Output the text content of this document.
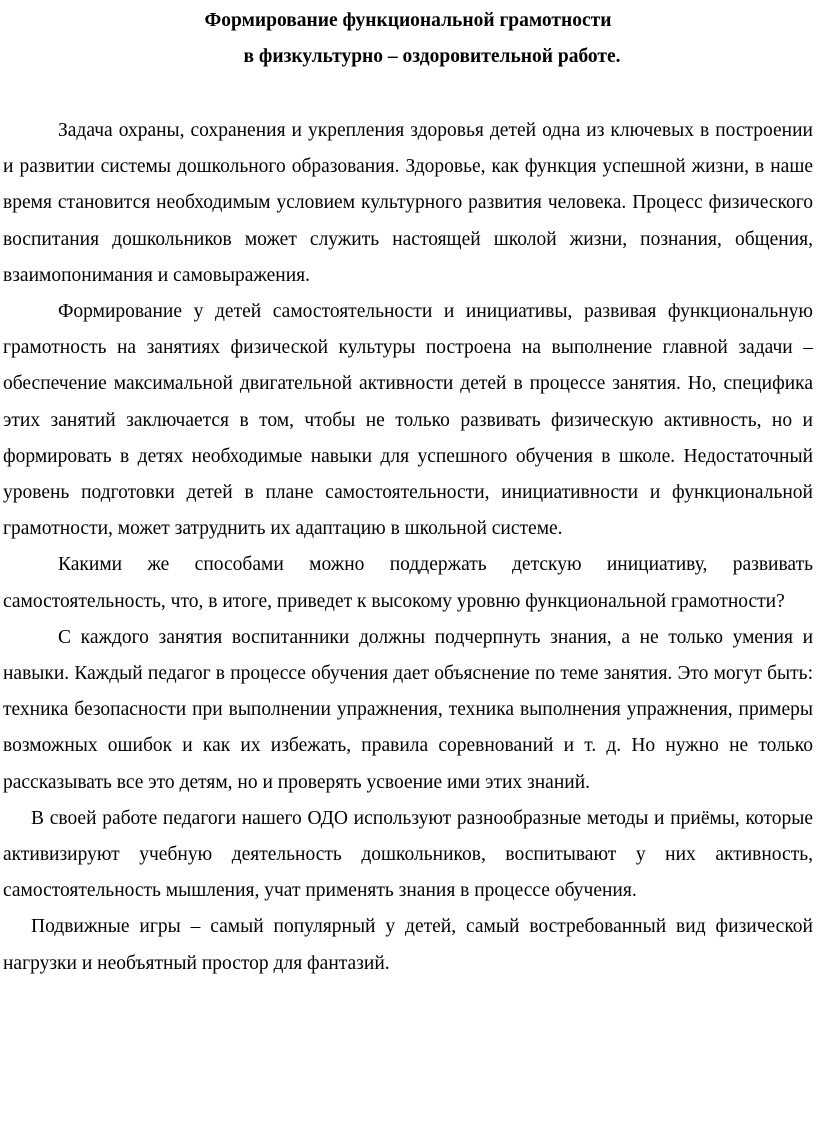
Формирование функциональной грамотности
в физкультурно – оздоровительной работе.

Задача охраны, сохранения и укрепления здоровья детей одна из ключевых в построении и развитии системы дошкольного образования. Здоровье, как функция успешной жизни, в наше время становится необходимым условием культурного развития человека. Процесс физического воспитания дошкольников может служить настоящей школой жизни, познания, общения, взаимопонимания и самовыражения.

Формирование у детей самостоятельности и инициативы, развивая функциональную грамотность на занятиях физической культуры построена на выполнение главной задачи – обеспечение максимальной двигательной активности детей в процессе занятия. Но, специфика этих занятий заключается в том, чтобы не только развивать физическую активность, но и формировать в детях необходимые навыки для успешного обучения в школе. Недостаточный уровень подготовки детей в плане самостоятельности, инициативности и функциональной грамотности, может затруднить их адаптацию в школьной системе.

Какими же способами можно поддержать детскую инициативу, развивать самостоятельность, что, в итоге, приведет к высокому уровню функциональной грамотности?

С каждого занятия воспитанники должны подчерпнуть знания, а не только умения и навыки. Каждый педагог в процессе обучения дает объяснение по теме занятия. Это могут быть: техника безопасности при выполнении упражнения, техника выполнения упражнения, примеры возможных ошибок и как их избежать, правила соревнований и т. д. Но нужно не только рассказывать все это детям, но и проверять усвоение ими этих знаний.

В своей работе педагоги нашего ОДО используют разнообразные методы и приёмы, которые активизируют учебную деятельность дошкольников, воспитывают у них активность, самостоятельность мышления, учат применять знания в процессе обучения.

Подвижные игры – самый популярный у детей, самый востребованный вид физической нагрузки и необъятный простор для фантазий.
